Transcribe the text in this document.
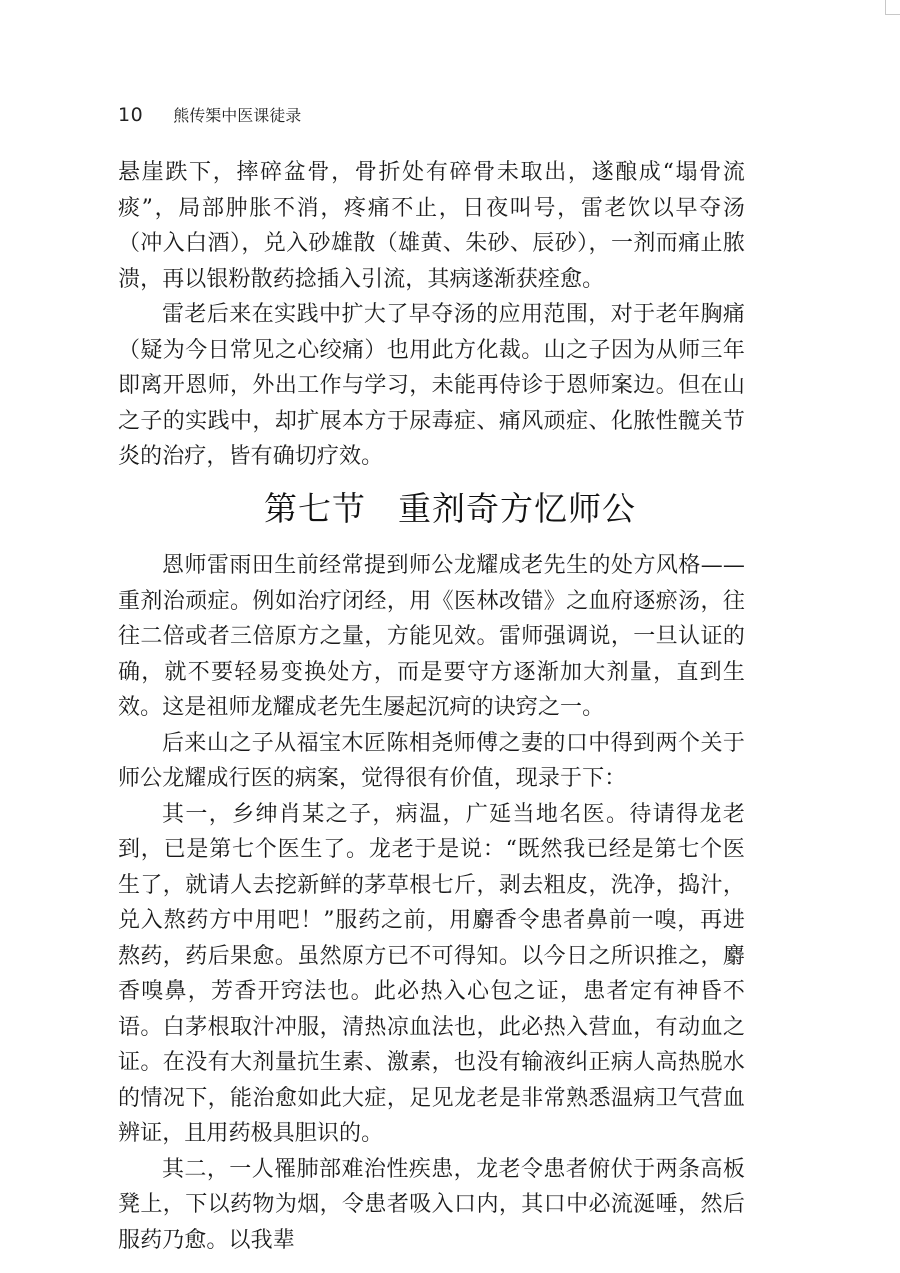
10 熊传榘中医课徒录

悬崖跌下，摔碎盆骨，骨折处有碎骨未取出，遂酿成“塌骨流痰”，局部肿胀不消，疼痛不止，日夜叫号，雷老饮以早夺汤（冲入白酒），兑入砂雄散（雄黄、朱砂、辰砂），一剂而痛止脓溃，再以银粉散药捻插入引流，其病遂渐获痊愈。

雷老后来在实践中扩大了早夺汤的应用范围，对于老年胸痛（疑为今日常见之心绞痛）也用此方化裁。山之子因为从师三年即离开恩师，外出工作与学习，未能再侍诊于恩师案边。但在山之子的实践中，却扩展本方于尿毒症、痛风顽症、化脓性髋关节炎的治疗，皆有确切疗效。

第七节 重剂奇方忆师公

恩师雷雨田生前经常提到师公龙耀成老先生的处方风格——重剂治顽症。例如治疗闭经，用《医林改错》之血府逐瘀汤，往往二倍或者三倍原方之量，方能见效。雷师强调说，一旦认证的确，就不要轻易变换处方，而是要守方逐渐加大剂量，直到生效。这是祖师龙耀成老先生屡起沉疴的诀窍之一。

后来山之子从福宝木匠陈相尧师傅之妻的口中得到两个关于师公龙耀成行医的病案，觉得很有价值，现录于下：

其一，乡绅肖某之子，病温，广延当地名医。待请得龙老到，已是第七个医生了。龙老于是说：“既然我已经是第七个医生了，就请人去挖新鲜的茅草根七斤，剥去粗皮，洗净，捣汁，兑入熬药方中用吧！”服药之前，用麝香令患者鼻前一嗅，再进熬药，药后果愈。虽然原方已不可得知。以今日之所识推之，麝香嗅鼻，芳香开窍法也。此必热入心包之证，患者定有神昏不语。白茅根取汁冲服，清热凉血法也，此必热入营血，有动血之证。在没有大剂量抗生素、激素，也没有输液纠正病人高热脱水的情况下，能治愈如此大症，足见龙老是非常熟悉温病卫气营血辨证，且用药极具胆识的。

其二，一人罹肺部难治性疾患，龙老令患者俯伏于两条高板凳上，下以药物为烟，令患者吸入口内，其口中必流涎唾，然后服药乃愈。以我辈
